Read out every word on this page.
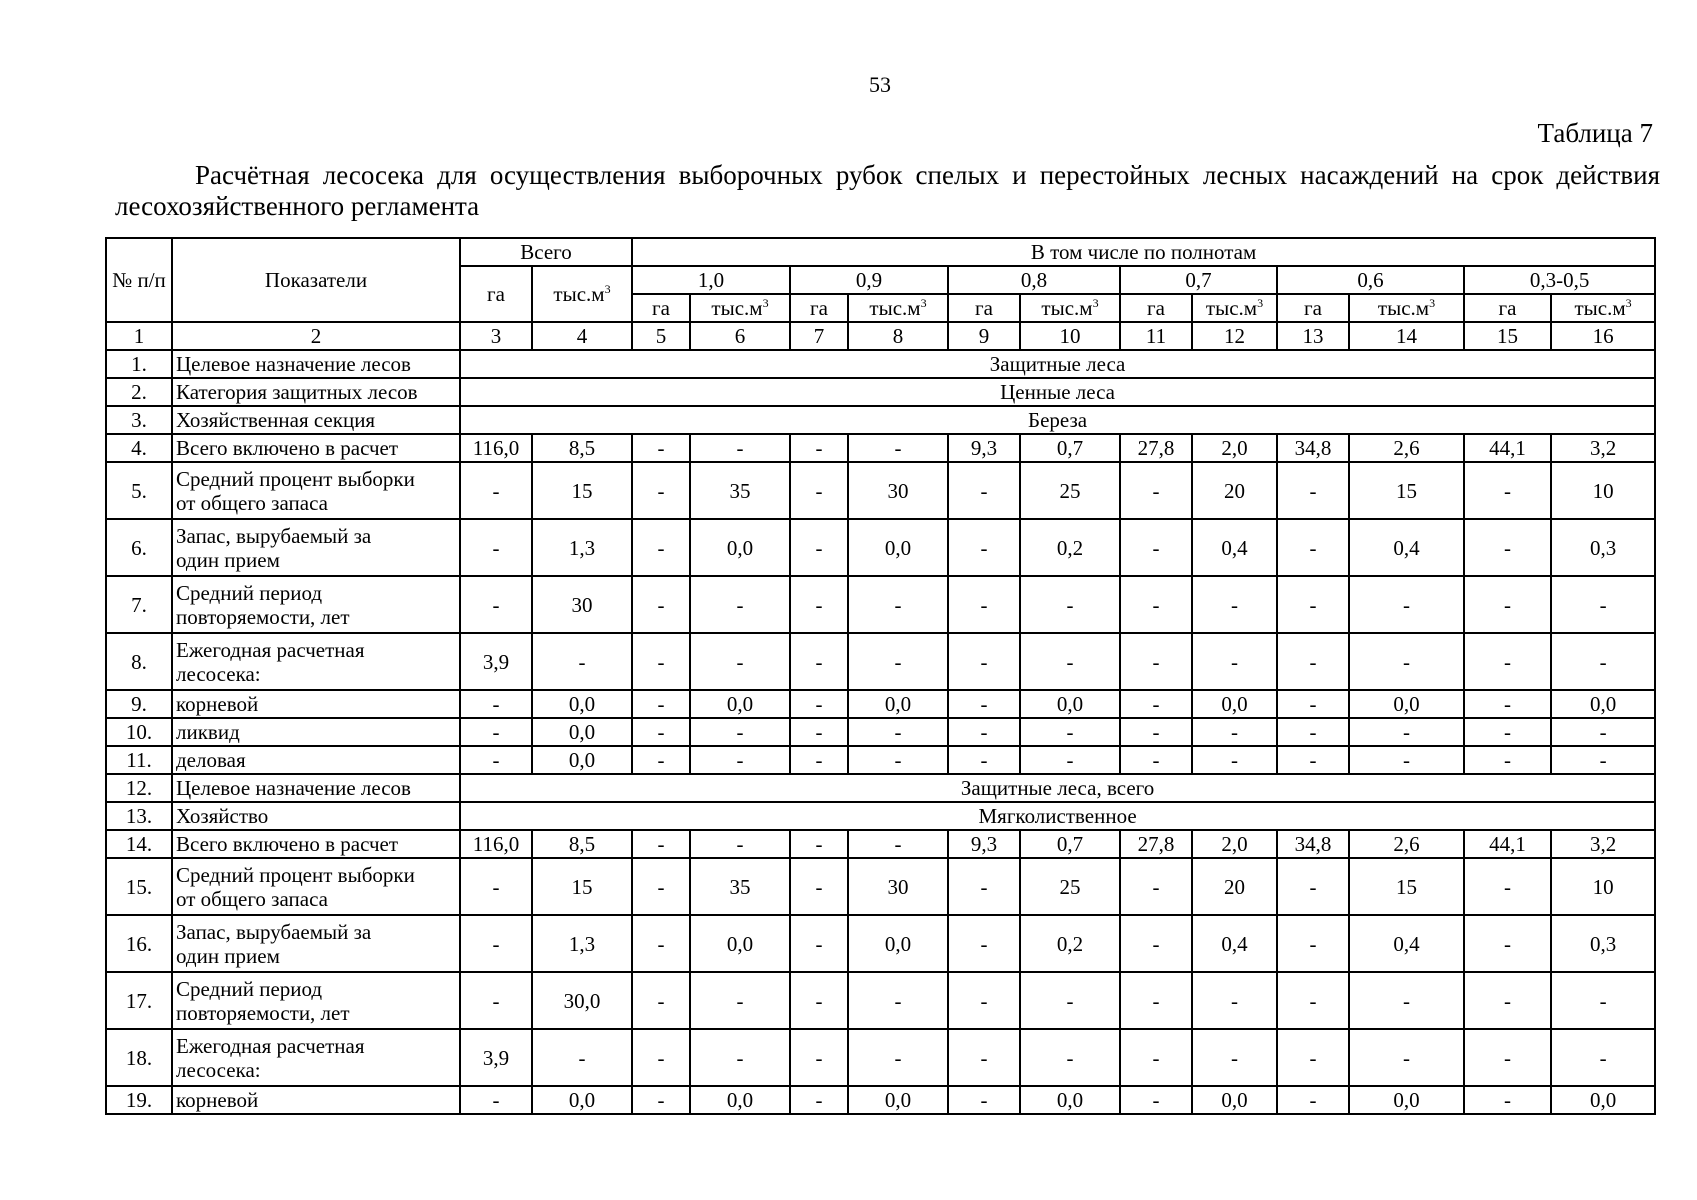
53
Таблица 7
Расчётная лесосека для осуществления выборочных рубок спелых и перестойных лесных насаждений на срок действия лесохозяйственного регламента
№ п/п	Показатели	Всего		В том числе по полнотам											
		га	$тыс.м^3$	1,0		0,9		0,8		0,7		0,6		0,3-0,5	
				га	$тыс.м^3$	га	$тыс.м^3$	га	$тыс.м^3$	га	$тыс.м^3$	га	$тыс.м^3$	га	$тыс.м^3$
1	2	3	4	5	6	7	8	9	10	11	12	13	14	15	16
1.	Целевое назначение лесов	Защитные леса													
2.	Категория защитных лесов	Ценные леса													
3.	Хозяйственная секция	Береза													
4.	Всего включено в расчет	116,0	8,5	-	-	-	-	9,3	0,7	27,8	2,0	34,8	2,6	44,1	3,2
5.	Средний процент выборки
от общего запаса	-	15	-	35	-	30	-	25	-	20	-	15	-	10
6.	Запас, вырубаемый за
один прием	-	1,3	-	0,0	-	0,0	-	0,2	-	0,4	-	0,4	-	0,3
7.	Средний период
повторяемости, лет	-	30	-	-	-	-	-	-	-	-	-	-	-	-
8.	Ежегодная расчетная
лесосека:	3,9	-	-	-	-	-	-	-	-	-	-	-	-	-
9.	корневой	-	0,0	-	0,0	-	0,0	-	0,0	-	0,0	-	0,0	-	0,0
10.	ликвид	-	0,0	-	-	-	-	-	-	-	-	-	-	-	-
11.	деловая	-	0,0	-	-	-	-	-	-	-	-	-	-	-	-
12.	Целевое назначение лесов	Защитные леса, всего													
13.	Хозяйство	Мягколиственное													
14.	Всего включено в расчет	116,0	8,5	-	-	-	-	9,3	0,7	27,8	2,0	34,8	2,6	44,1	3,2
15.	Средний процент выборки
от общего запаса	-	15	-	35	-	30	-	25	-	20	-	15	-	10
16.	Запас, вырубаемый за
один прием	-	1,3	-	0,0	-	0,0	-	0,2	-	0,4	-	0,4	-	0,3
17.	Средний период
повторяемости, лет	-	30,0	-	-	-	-	-	-	-	-	-	-	-	-
18.	Ежегодная расчетная
лесосека:	3,9	-	-	-	-	-	-	-	-	-	-	-	-	-
19.	корневой	-	0,0	-	0,0	-	0,0	-	0,0	-	0,0	-	0,0	-	0,0
